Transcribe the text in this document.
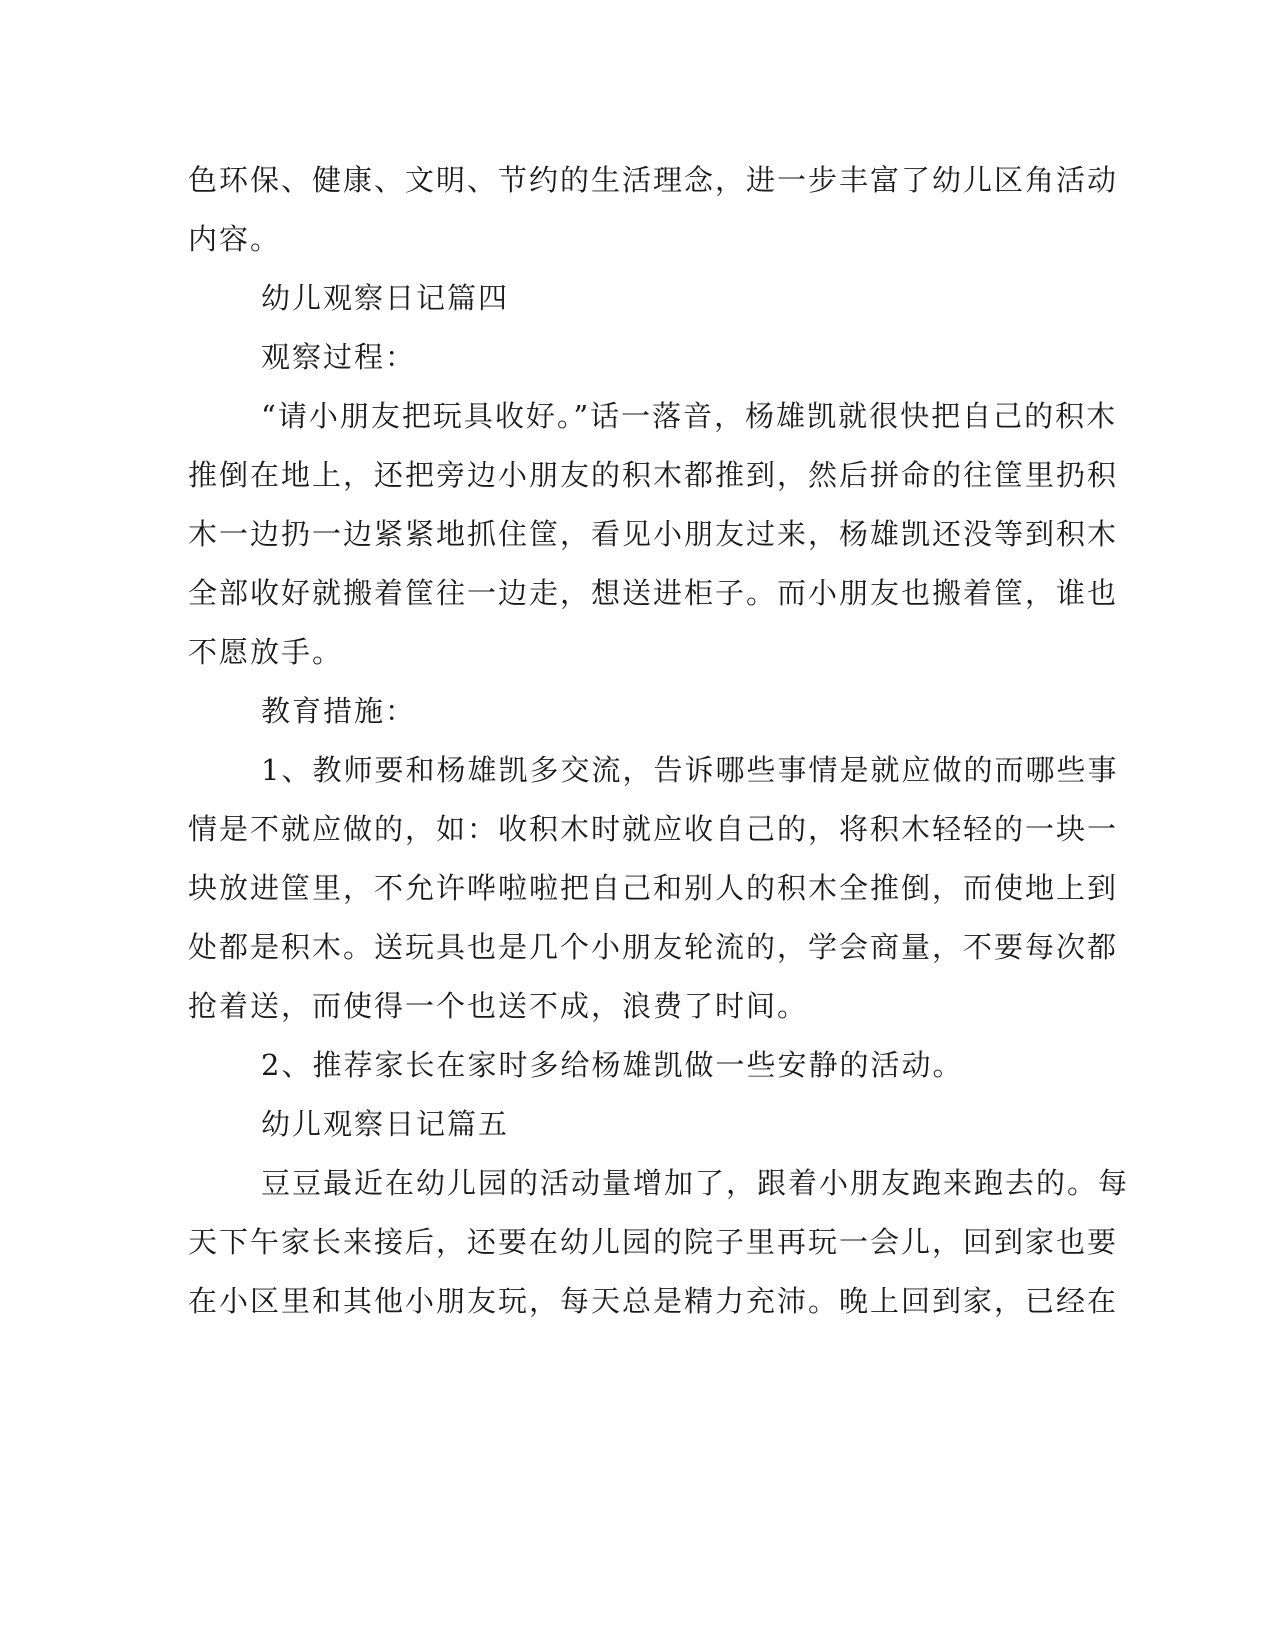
色环保、健康、文明、节约的生活理念，进一步丰富了幼儿区角活动
内容。
幼儿观察日记篇四
观察过程：
“请小朋友把玩具收好。”话一落音，杨雄凯就很快把自己的积木
推倒在地上，还把旁边小朋友的积木都推到，然后拼命的往筐里扔积
木一边扔一边紧紧地抓住筐，看见小朋友过来，杨雄凯还没等到积木
全部收好就搬着筐往一边走，想送进柜子。而小朋友也搬着筐，谁也
不愿放手。
教育措施：
1、教师要和杨雄凯多交流，告诉哪些事情是就应做的而哪些事
情是不就应做的，如：收积木时就应收自己的，将积木轻轻的一块一
块放进筐里，不允许哗啦啦把自己和别人的积木全推倒，而使地上到
处都是积木。送玩具也是几个小朋友轮流的，学会商量，不要每次都
抢着送，而使得一个也送不成，浪费了时间。
2、推荐家长在家时多给杨雄凯做一些安静的活动。
幼儿观察日记篇五
豆豆最近在幼儿园的活动量增加了，跟着小朋友跑来跑去的。每
天下午家长来接后，还要在幼儿园的院子里再玩一会儿，回到家也要
在小区里和其他小朋友玩，每天总是精力充沛。晚上回到家，已经在
